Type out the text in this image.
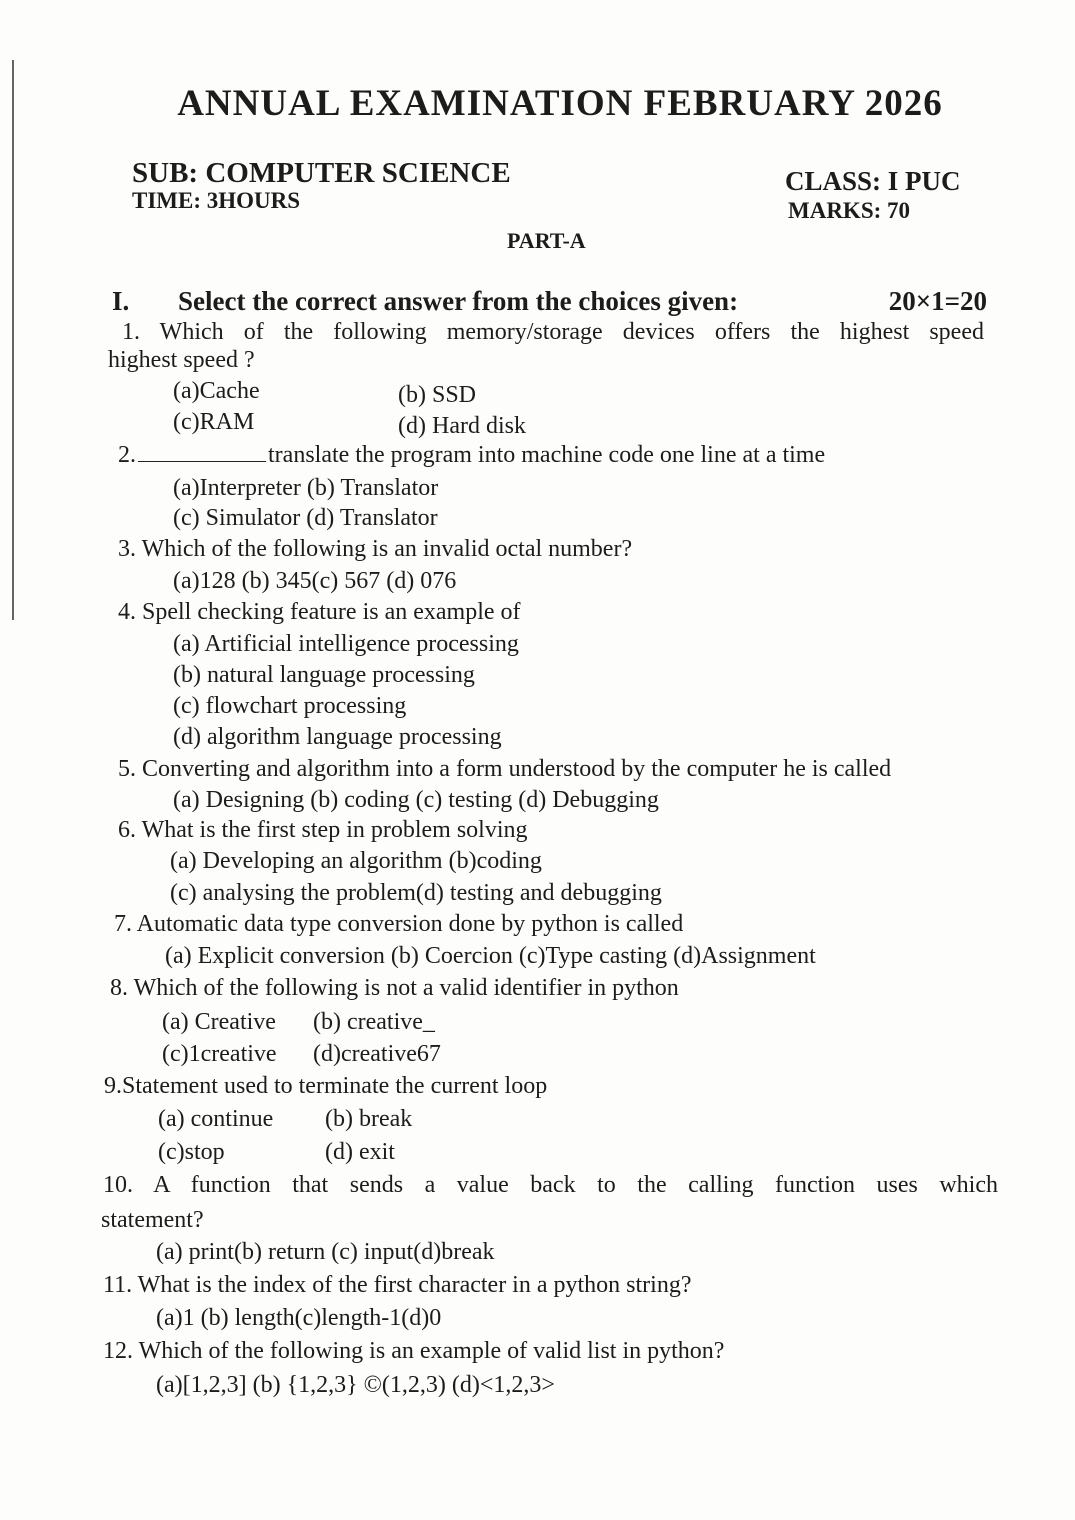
ANNUAL EXAMINATION FEBRUARY 2026
SUB: COMPUTER SCIENCE
TIME: 3HOURS
CLASS: I PUC
MARKS: 70
PART-A
I. Select the correct answer from the choices given:	20×1=20
1. Which of the following memory/storage devices offers the highest speed
highest speed ?
(a)Cache	(b) SSD
(c)RAM	(d) Hard disk
2.	translate the program into machine code one line at a time
(a)Interpreter (b) Translator
(c) Simulator (d) Translator
3. Which of the following is an invalid octal number?
(a)128 (b) 345(c) 567 (d) 076
4. Spell checking feature is an example of
(a) Artificial intelligence processing
(b) natural language processing
(c) flowchart processing
(d) algorithm language processing
5. Converting and algorithm into a form understood by the computer he is called
(a) Designing (b) coding (c) testing (d) Debugging
6. What is the first step in problem solving
(a) Developing an algorithm (b)coding
(c) analysing the problem(d) testing and debugging
7. Automatic data type conversion done by python is called
(a) Explicit conversion (b) Coercion (c)Type casting (d)Assignment
8. Which of the following is not a valid identifier in python
(a) Creative (b) creative_
(c)1creative (d)creative67
9.Statement used to terminate the current loop
(a) continue (b) break
(c)stop	(d) exit
10. A function that sends a value back to the calling function uses which
statement?
(a) print(b) return (c) input(d)break
11. What is the index of the first character in a python string?
(a)1 (b) length(c)length-1(d)0
12. Which of the following is an example of valid list in python?
(a)[1,2,3] (b) {1,2,3} ©(1,2,3) (d)<1,2,3>
